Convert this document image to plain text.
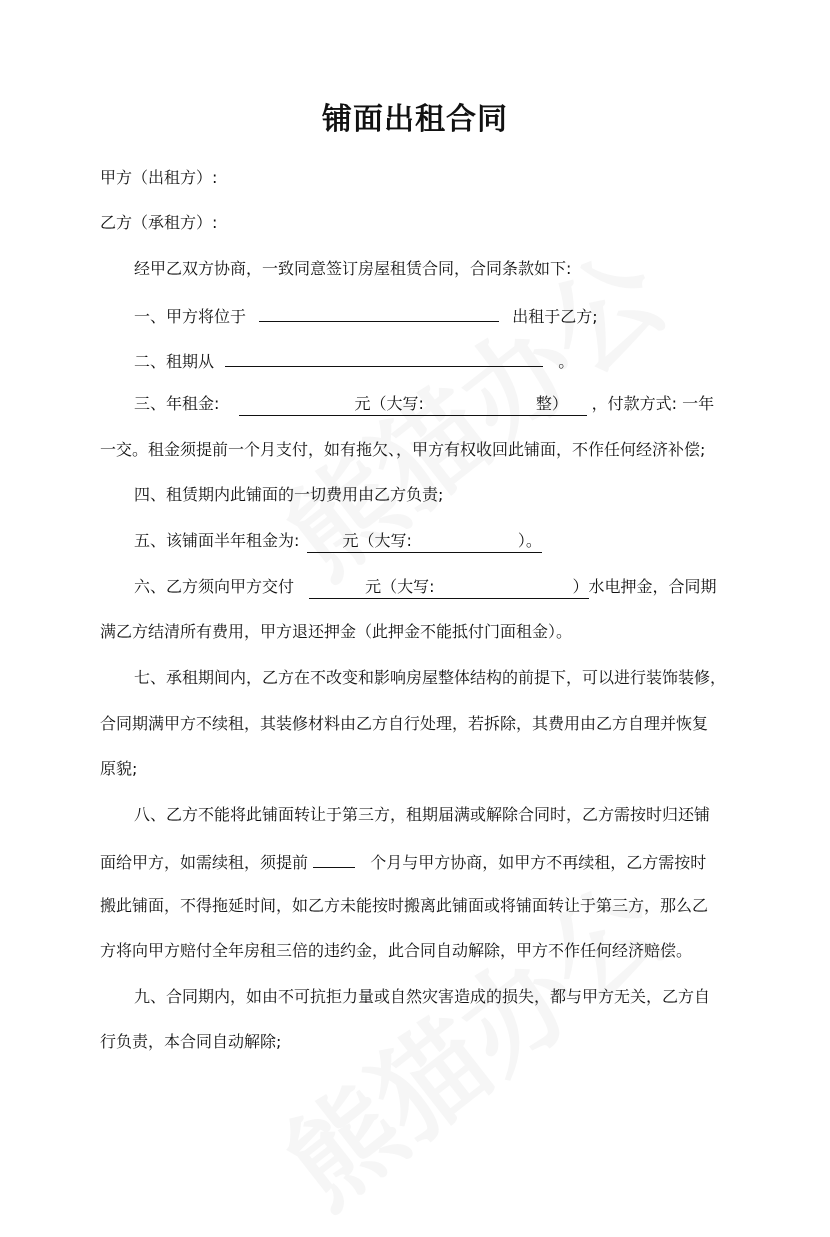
铺面出租合同
甲方（出租方）:
乙方（承租方）:
经甲乙双方协商，一致同意签订房屋租赁合同，合同条款如下:
一、甲方将位于	出租于乙方;
二、租期从	。
三、年租金:	元（大写:	整） ，付款方式: 一年
一交。租金须提前一个月支付，如有拖欠、，甲方有权收回此铺面，不作任何经济补偿;
四、租赁期内此铺面的一切费用由乙方负责;
五、该铺面半年租金为:	元（大写:	）。
六、乙方须向甲方交付	元（大写:	）水电押金，合同期
满乙方结清所有费用，甲方退还押金（此押金不能抵付门面租金）。
七、承租期间内，乙方在不改变和影响房屋整体结构的前提下，可以进行装饰装修，
合同期满甲方不续租，其装修材料由乙方自行处理，若拆除，其费用由乙方自理并恢复
原貌;
八、乙方不能将此铺面转让于第三方，租期届满或解除合同时，乙方需按时归还铺
面给甲方，如需续租，须提前	个月与甲方协商，如甲方不再续租，乙方需按时
搬此铺面，不得拖延时间，如乙方未能按时搬离此铺面或将铺面转让于第三方，那么乙
方将向甲方赔付全年房租三倍的违约金，此合同自动解除，甲方不作任何经济赔偿。
九、合同期内，如由不可抗拒力量或自然灾害造成的损失，都与甲方无关，乙方自
行负责，本合同自动解除;
